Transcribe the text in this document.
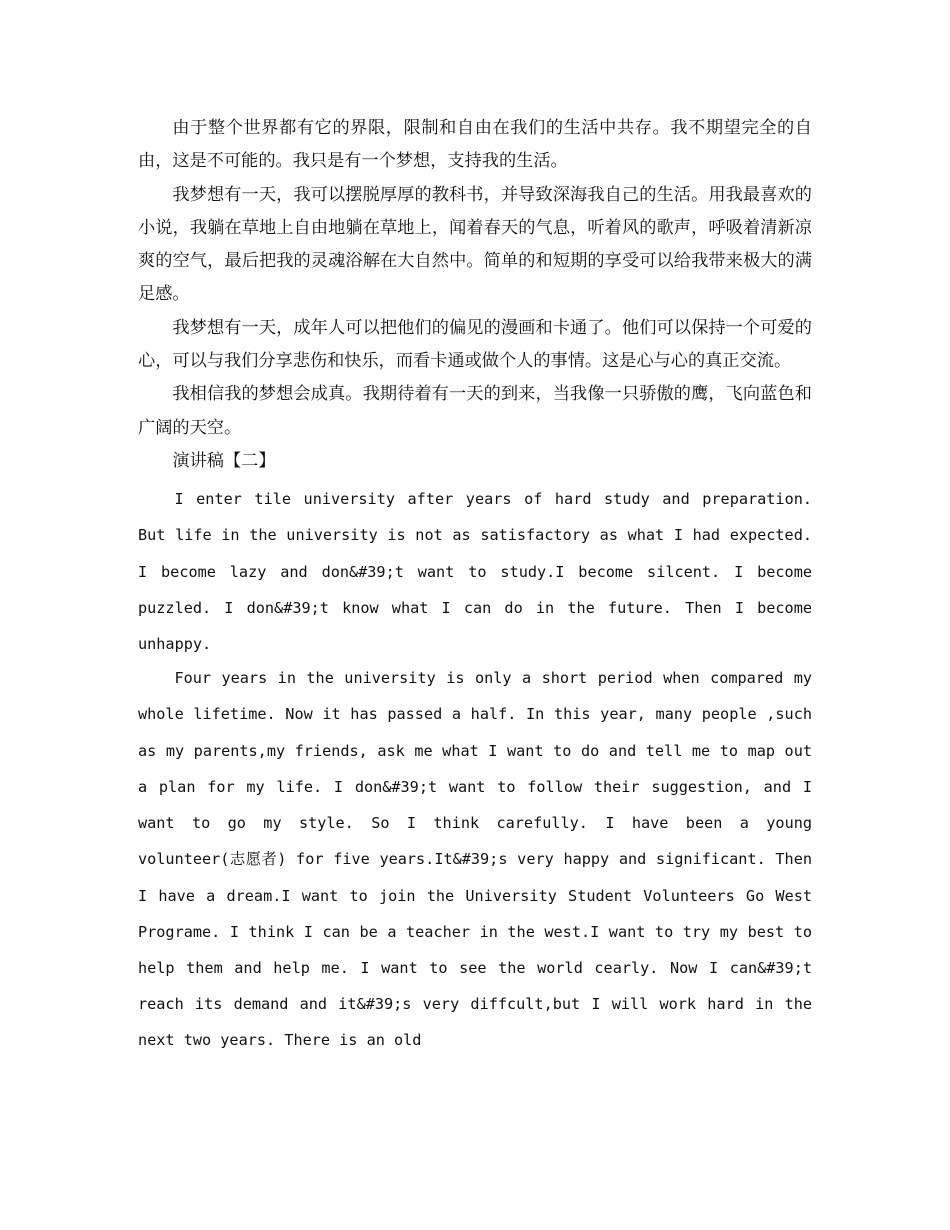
由于整个世界都有它的界限，限制和自由在我们的生活中共存。我不期望完全的自由，这是不可能的。我只是有一个梦想，支持我的生活。

我梦想有一天，我可以摆脱厚厚的教科书，并导致深海我自己的生活。用我最喜欢的小说，我躺在草地上自由地躺在草地上，闻着春天的气息，听着风的歌声，呼吸着清新凉爽的空气，最后把我的灵魂浴解在大自然中。简单的和短期的享受可以给我带来极大的满足感。

我梦想有一天，成年人可以把他们的偏见的漫画和卡通了。他们可以保持一个可爱的心，可以与我们分享悲伤和快乐，而看卡通或做个人的事情。这是心与心的真正交流。

我相信我的梦想会成真。我期待着有一天的到来，当我像一只骄傲的鹰，飞向蓝色和广阔的天空。

演讲稿【二】

I enter tile university after years of hard study and preparation. But life in the university is not as satisfactory as what I had expected. I become lazy and don&#39;t want to study.I become silcent. I become puzzled. I don&#39;t know what I can do in the future. Then I become unhappy.

Four years in the university is only a short period when compared my whole lifetime. Now it has passed a half. In this year, many people ,such as my parents,my friends, ask me what I want to do and tell me to map out a plan for my life. I don&#39;t want to follow their suggestion, and I want to go my style. So I think carefully. I have been a young volunteer(志愿者) for five years.It&#39;s very happy and significant. Then I have a dream.I want to join the University Student Volunteers Go West Programe. I think I can be a teacher in the west.I want to try my best to help them and help me. I want to see the world cearly. Now I can&#39;t reach its demand and it&#39;s very diffcult,but I will work hard in the next two years. There is an old
